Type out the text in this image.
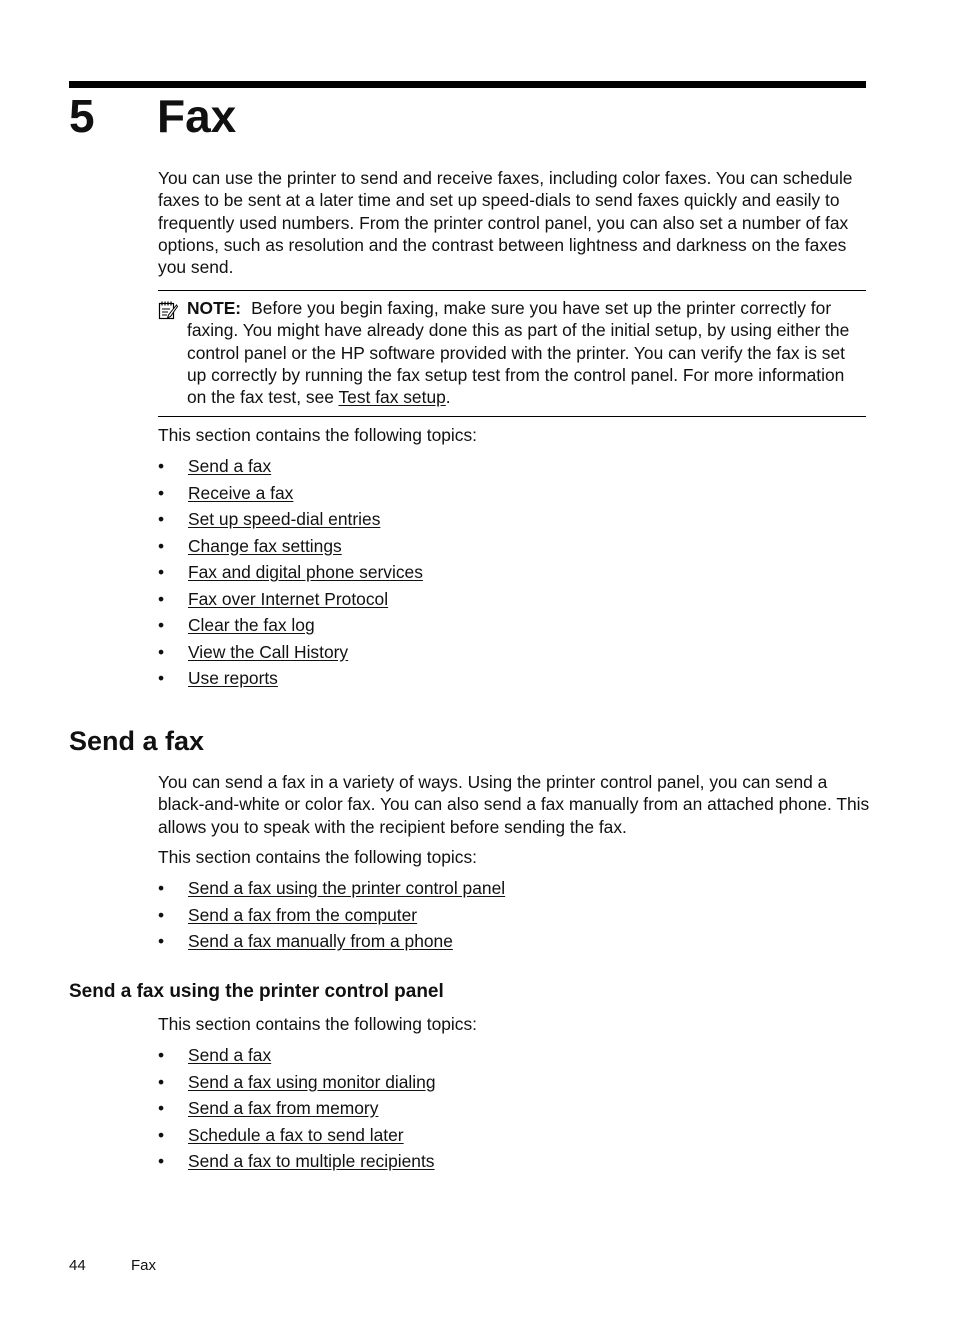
5 Fax

You can use the printer to send and receive faxes, including color faxes. You can schedule faxes to be sent at a later time and set up speed-dials to send faxes quickly and easily to frequently used numbers. From the printer control panel, you can also set a number of fax options, such as resolution and the contrast between lightness and darkness on the faxes you send.

NOTE: Before you begin faxing, make sure you have set up the printer correctly for faxing. You might have already done this as part of the initial setup, by using either the control panel or the HP software provided with the printer. You can verify the fax is set up correctly by running the fax setup test from the control panel. For more information on the fax test, see Test fax setup.

This section contains the following topics:

• Send a fax
• Receive a fax
• Set up speed-dial entries
• Change fax settings
• Fax and digital phone services
• Fax over Internet Protocol
• Clear the fax log
• View the Call History
• Use reports
Send a fax

You can send a fax in a variety of ways. Using the printer control panel, you can send a black-and-white or color fax. You can also send a fax manually from an attached phone. This allows you to speak with the recipient before sending the fax.

This section contains the following topics:

• Send a fax using the printer control panel
• Send a fax from the computer
• Send a fax manually from a phone
Send a fax using the printer control panel

This section contains the following topics:

• Send a fax
• Send a fax using monitor dialing
• Send a fax from memory
• Schedule a fax to send later
• Send a fax to multiple recipients
44	Fax
